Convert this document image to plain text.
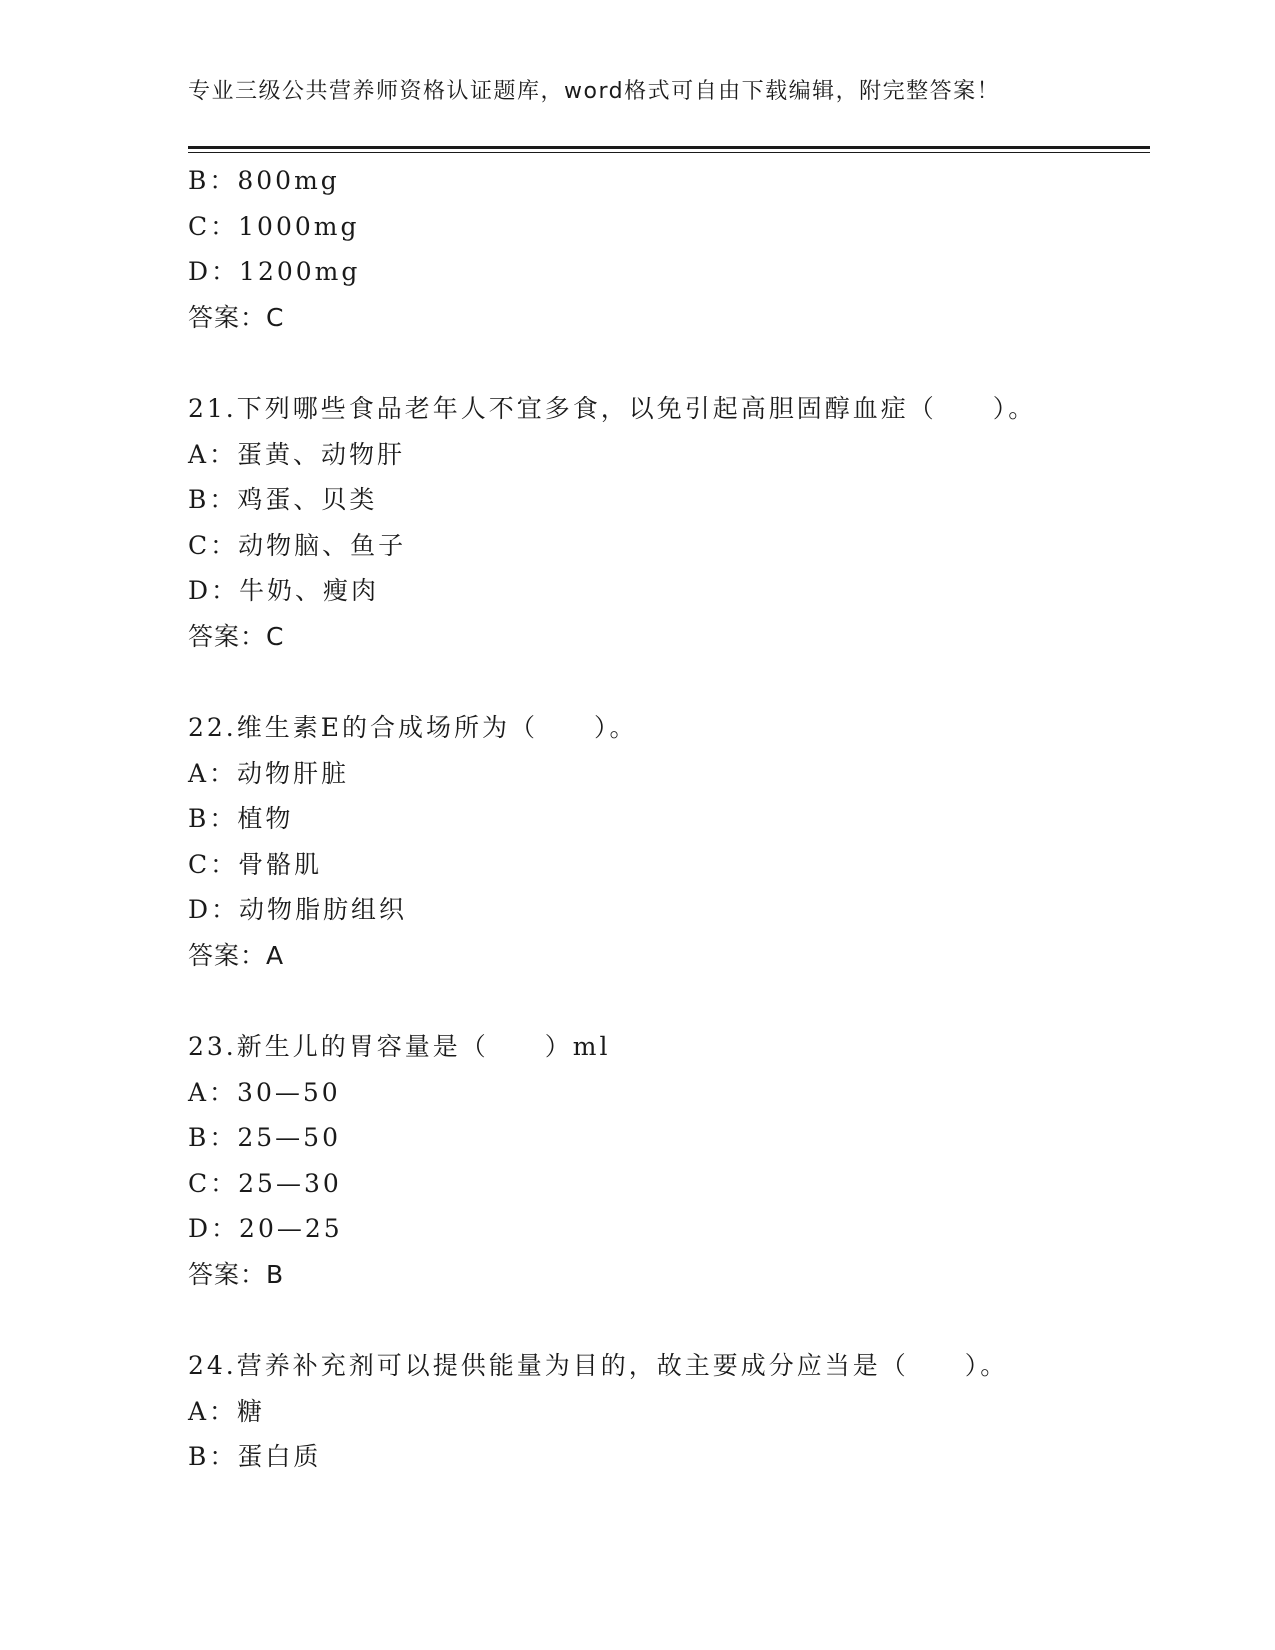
专业三级公共营养师资格认证题库，word格式可自由下载编辑，附完整答案！
B：800mg
C：1000mg
D：1200mg
答案：C
21.下列哪些食品老年人不宜多食，以免引起高胆固醇血症（　　）。
A：蛋黄、动物肝
B：鸡蛋、贝类
C：动物脑、鱼子
D：牛奶、瘦肉
答案：C
22.维生素E的合成场所为（　　）。
A：动物肝脏
B：植物
C：骨骼肌
D：动物脂肪组织
答案：A
23.新生儿的胃容量是（　　）ml
A：30—50
B：25—50
C：25—30
D：20—25
答案：B
24.营养补充剂可以提供能量为目的，故主要成分应当是（　　）。
A：糖
B：蛋白质
